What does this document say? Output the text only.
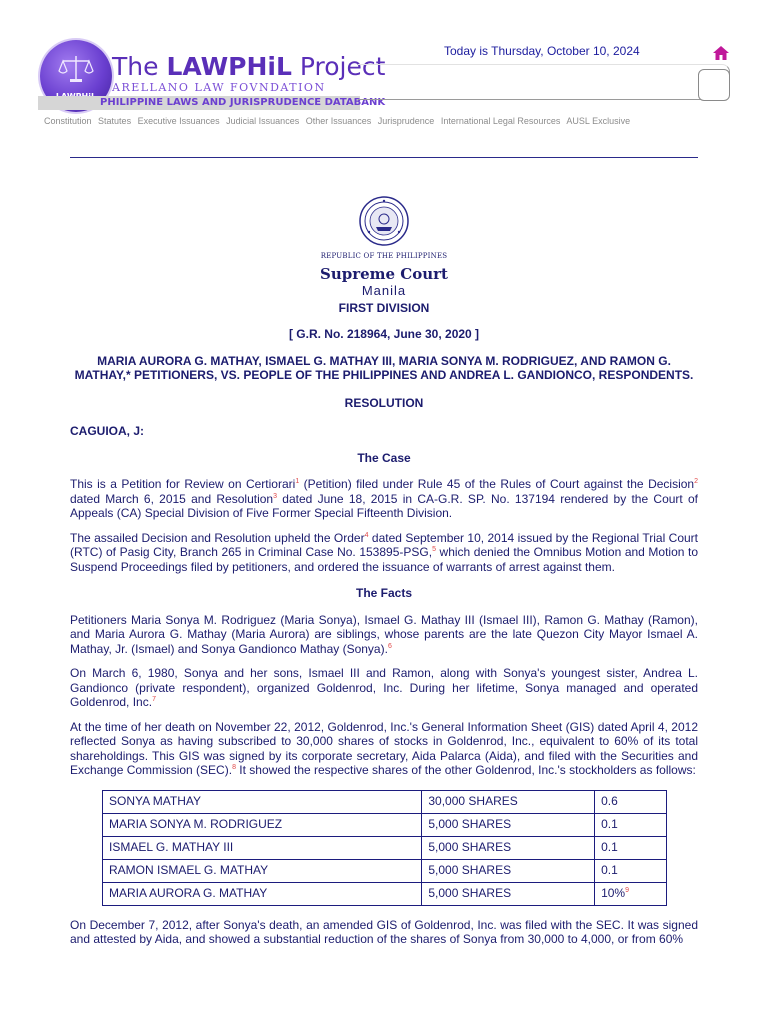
The LAWPHiL Project
ARELLANO LAW FOVNDATION
PHILIPPINE LAWS AND JURISPRUDENCE DATABANK
Today is Thursday, October 10, 2024
Constitution Statutes Executive Issuances Judicial Issuances Other Issuances Jurisprudence International Legal Resources AUSL Exclusive
REPUBLIC OF THE PHILIPPINES
Supreme Court
Manila
FIRST DIVISION
[ G.R. No. 218964, June 30, 2020 ]
MARIA AURORA G. MATHAY, ISMAEL G. MATHAY III, MARIA SONYA M. RODRIGUEZ, AND RAMON G. MATHAY,* PETITIONERS, VS. PEOPLE OF THE PHILIPPINES AND ANDREA L. GANDIONCO, RESPONDENTS.
RESOLUTION
CAGUIOA, J:
The Case

This is a Petition for Review on Certiorari$^1$ (Petition) filed under Rule 45 of the Rules of Court against the Decision$^2$ dated March 6, 2015 and Resolution$^3$ dated June 18, 2015 in CA-G.R. SP. No. 137194 rendered by the Court of Appeals (CA) Special Division of Five Former Special Fifteenth Division.

The assailed Decision and Resolution upheld the Order$^4$ dated September 10, 2014 issued by the Regional Trial Court (RTC) of Pasig City, Branch 265 in Criminal Case No. 153895-PSG,$^5$ which denied the Omnibus Motion and Motion to Suspend Proceedings filed by petitioners, and ordered the issuance of warrants of arrest against them.

The Facts

Petitioners Maria Sonya M. Rodriguez (Maria Sonya), Ismael G. Mathay III (Ismael III), Ramon G. Mathay (Ramon), and Maria Aurora G. Mathay (Maria Aurora) are siblings, whose parents are the late Quezon City Mayor Ismael A. Mathay, Jr. (Ismael) and Sonya Gandionco Mathay (Sonya).$^6$

On March 6, 1980, Sonya and her sons, Ismael III and Ramon, along with Sonya's youngest sister, Andrea L. Gandionco (private respondent), organized Goldenrod, Inc. During her lifetime, Sonya managed and operated Goldenrod, Inc.$^7$

At the time of her death on November 22, 2012, Goldenrod, Inc.'s General Information Sheet (GIS) dated April 4, 2012 reflected Sonya as having subscribed to 30,000 shares of stocks in Goldenrod, Inc., equivalent to 60% of its total shareholdings. This GIS was signed by its corporate secretary, Aida Palarca (Aida), and filed with the Securities and Exchange Commission (SEC).$^8$ It showed the respective shares of the other Goldenrod, Inc.'s stockholders as follows:

SONYA MATHAY	30,000 SHARES	0.6
MARIA SONYA M. RODRIGUEZ	5,000 SHARES	0.1
ISMAEL G. MATHAY III	5,000 SHARES	0.1
RAMON ISMAEL G. MATHAY	5,000 SHARES	0.1
MARIA AURORA G. MATHAY	5,000 SHARES	10%$^9$

On December 7, 2012, after Sonya's death, an amended GIS of Goldenrod, Inc. was filed with the SEC. It was signed and attested by Aida, and showed a substantial reduction of the shares of Sonya from 30,000 to 4,000, or from 60%
